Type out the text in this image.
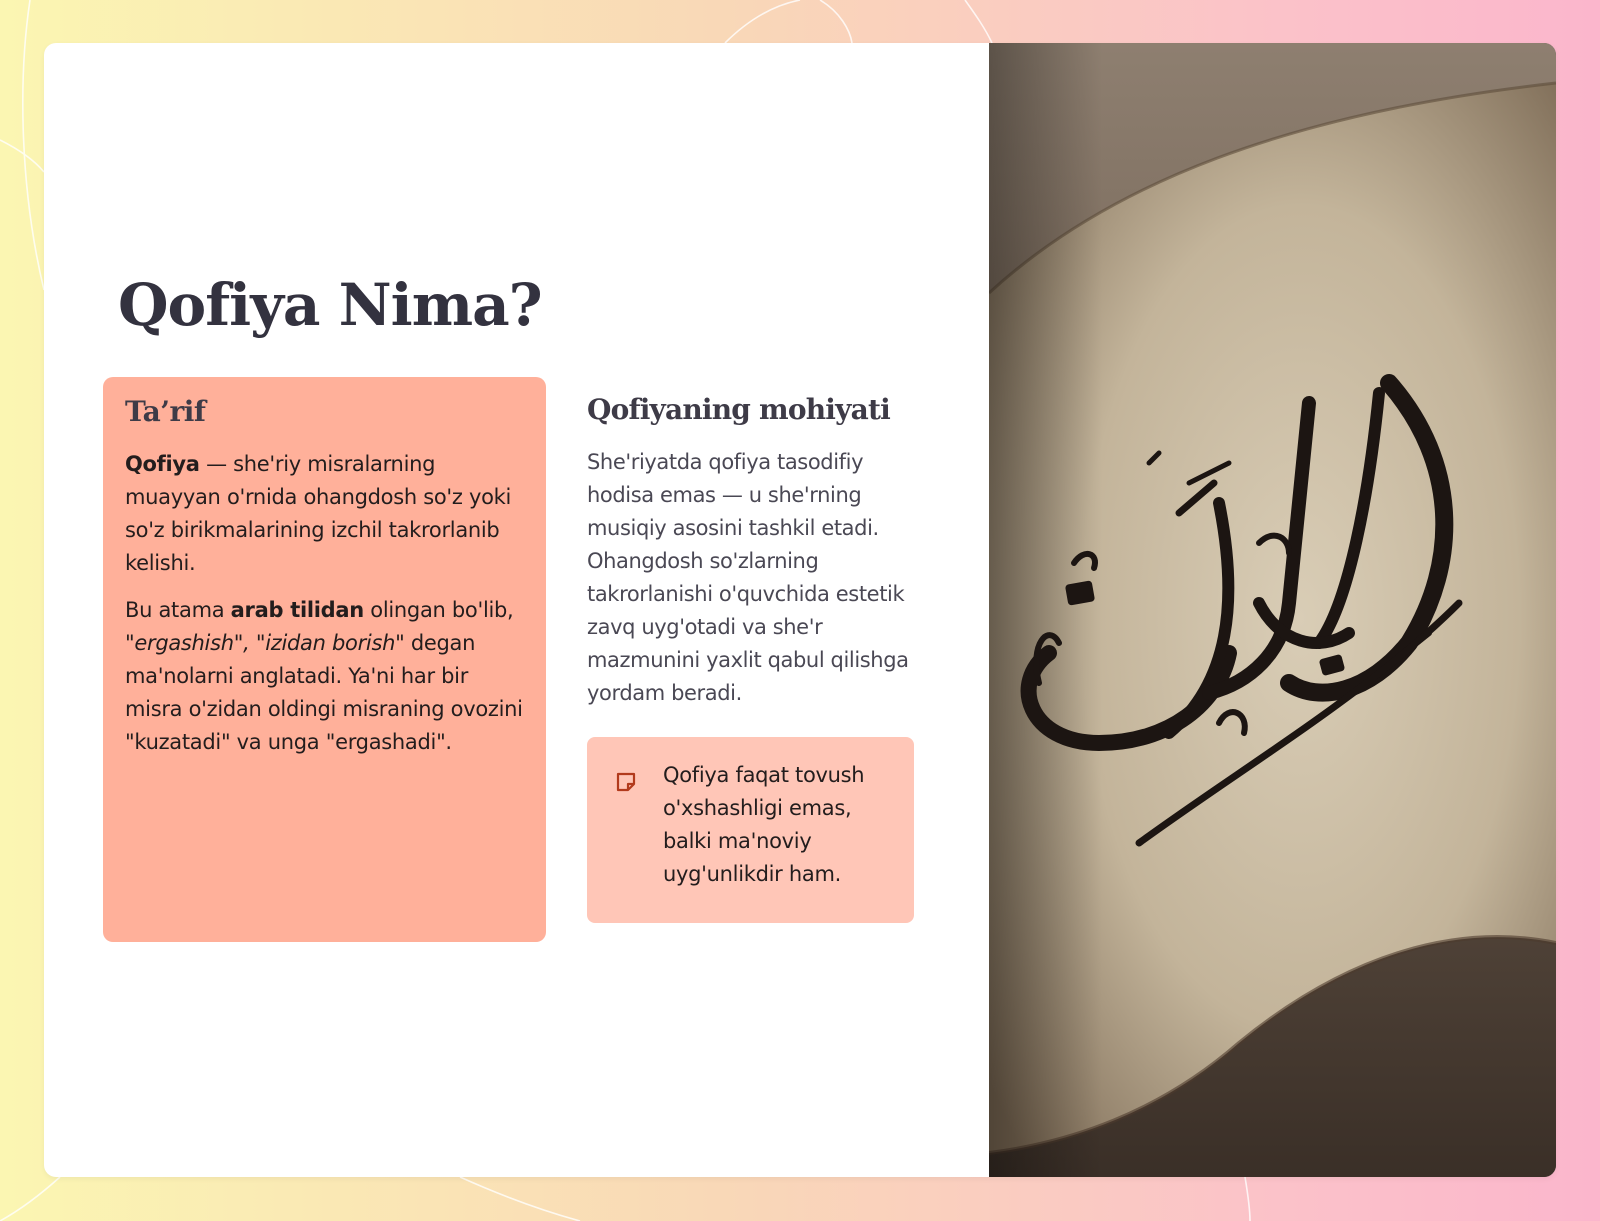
Qofiya Nima?
Ta’rif

Qofiya — she'riy misralarning muayyan o'rnida ohangdosh so'z yoki so'z birikmalarining izchil takrorlanib kelishi.

Bu atama arab tilidan olingan bo'lib, "ergashish", "izidan borish" degan ma'nolarni anglatadi. Ya'ni har bir misra o'zidan oldingi misraning ovozini "kuzatadi" va unga "ergashadi".

Qofiyaning mohiyati

She'riyatda qofiya tasodifiy hodisa emas — u she'rning musiqiy asosini tashkil etadi. Ohangdosh so'zlarning takrorlanishi o'quvchida estetik zavq uyg'otadi va she'r mazmunini yaxlit qabul qilishga yordam beradi.

Qofiya faqat tovush o'xshashligi emas, balki ma'noviy uyg'unlikdir ham.
